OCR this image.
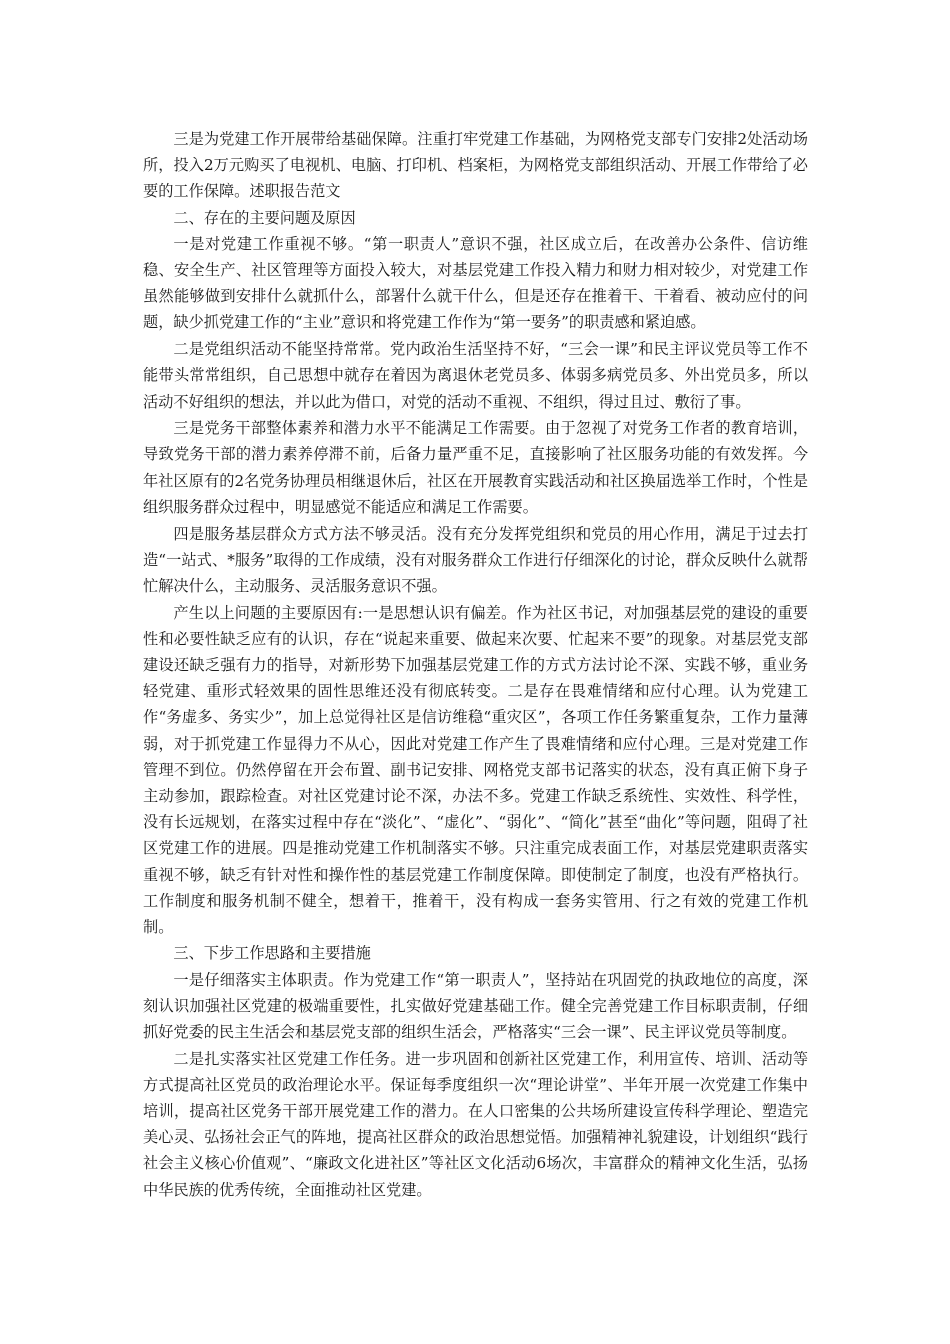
三是为党建工作开展带给基础保障。注重打牢党建工作基础，为网格党支部专门安排2处活动场所，投入2万元购买了电视机、电脑、打印机、档案柜，为网格党支部组织活动、开展工作带给了必要的工作保障。述职报告范文

二、存在的主要问题及原因

一是对党建工作重视不够。“第一职责人”意识不强，社区成立后，在改善办公条件、信访维稳、安全生产、社区管理等方面投入较大，对基层党建工作投入精力和财力相对较少，对党建工作虽然能够做到安排什么就抓什么，部署什么就干什么，但是还存在推着干、干着看、被动应付的问题，缺少抓党建工作的“主业”意识和将党建工作作为“第一要务”的职责感和紧迫感。

二是党组织活动不能坚持常常。党内政治生活坚持不好，“三会一课”和民主评议党员等工作不能带头常常组织，自己思想中就存在着因为离退休老党员多、体弱多病党员多、外出党员多，所以活动不好组织的想法，并以此为借口，对党的活动不重视、不组织，得过且过、敷衍了事。

三是党务干部整体素养和潜力水平不能满足工作需要。由于忽视了对党务工作者的教育培训，导致党务干部的潜力素养停滞不前，后备力量严重不足，直接影响了社区服务功能的有效发挥。今年社区原有的2名党务协理员相继退休后，社区在开展教育实践活动和社区换届选举工作时，个性是组织服务群众过程中，明显感觉不能适应和满足工作需要。

四是服务基层群众方式方法不够灵活。没有充分发挥党组织和党员的用心作用，满足于过去打造“一站式、*服务”取得的工作成绩，没有对服务群众工作进行仔细深化的讨论，群众反映什么就帮忙解决什么，主动服务、灵活服务意识不强。

产生以上问题的主要原因有:一是思想认识有偏差。作为社区书记，对加强基层党的建设的重要性和必要性缺乏应有的认识，存在“说起来重要、做起来次要、忙起来不要”的现象。对基层党支部建设还缺乏强有力的指导，对新形势下加强基层党建工作的方式方法讨论不深、实践不够，重业务轻党建、重形式轻效果的固性思维还没有彻底转变。二是存在畏难情绪和应付心理。认为党建工作“务虚多、务实少”，加上总觉得社区是信访维稳“重灾区”，各项工作任务繁重复杂，工作力量薄弱，对于抓党建工作显得力不从心，因此对党建工作产生了畏难情绪和应付心理。三是对党建工作管理不到位。仍然停留在开会布置、副书记安排、网格党支部书记落实的状态，没有真正俯下身子主动参加，跟踪检查。对社区党建讨论不深，办法不多。党建工作缺乏系统性、实效性、科学性，没有长远规划，在落实过程中存在“淡化”、“虚化”、“弱化”、“简化”甚至“曲化”等问题，阻碍了社区党建工作的进展。四是推动党建工作机制落实不够。只注重完成表面工作，对基层党建职责落实重视不够，缺乏有针对性和操作性的基层党建工作制度保障。即使制定了制度，也没有严格执行。工作制度和服务机制不健全，想着干，推着干，没有构成一套务实管用、行之有效的党建工作机制。

三、下步工作思路和主要措施

一是仔细落实主体职责。作为党建工作“第一职责人”，坚持站在巩固党的执政地位的高度，深刻认识加强社区党建的极端重要性，扎实做好党建基础工作。健全完善党建工作目标职责制，仔细抓好党委的民主生活会和基层党支部的组织生活会，严格落实“三会一课”、民主评议党员等制度。

二是扎实落实社区党建工作任务。进一步巩固和创新社区党建工作，利用宣传、培训、活动等方式提高社区党员的政治理论水平。保证每季度组织一次“理论讲堂”、半年开展一次党建工作集中培训，提高社区党务干部开展党建工作的潜力。在人口密集的公共场所建设宣传科学理论、塑造完美心灵、弘扬社会正气的阵地，提高社区群众的政治思想觉悟。加强精神礼貌建设，计划组织“践行社会主义核心价值观”、“廉政文化进社区”等社区文化活动6场次，丰富群众的精神文化生活，弘扬中华民族的优秀传统，全面推动社区党建。
